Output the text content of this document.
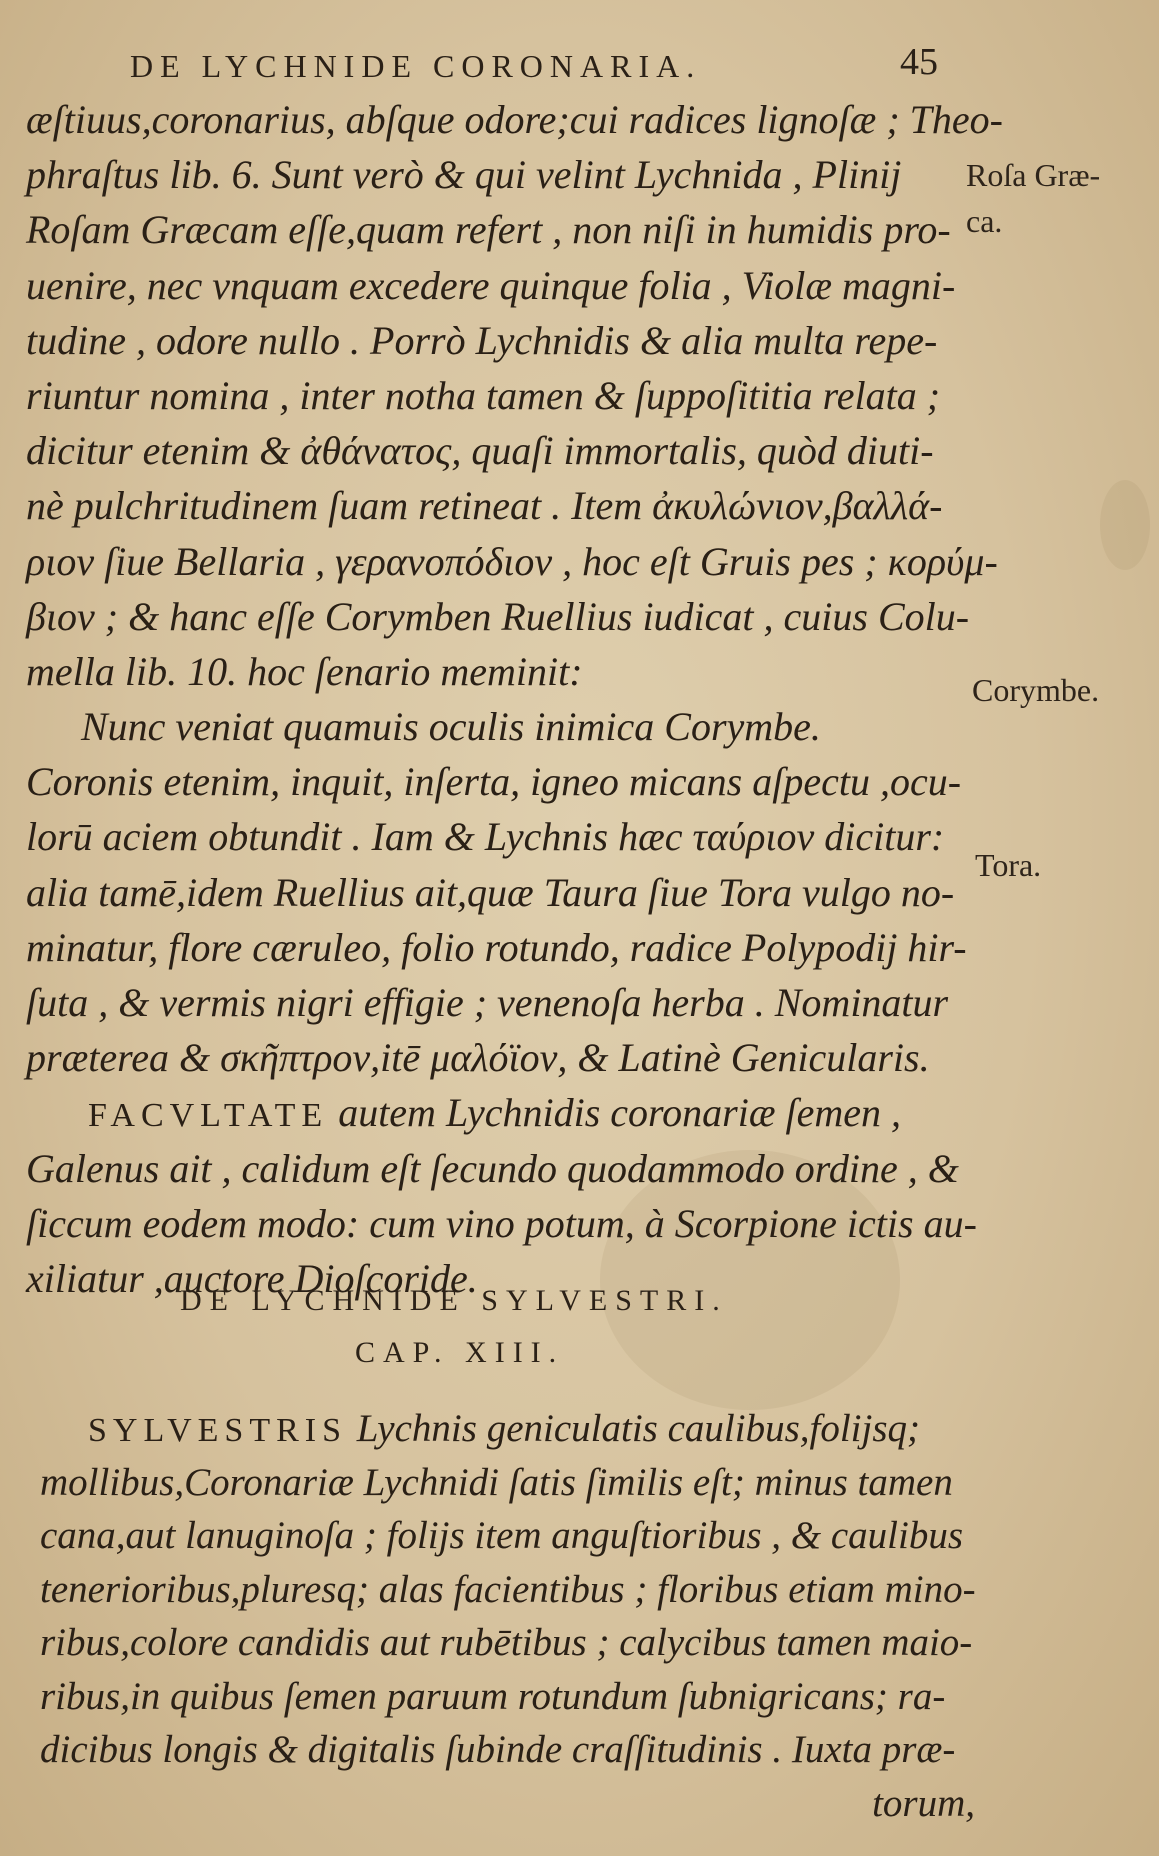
DE LYCHNIDE CORONARIA.	45
æſtiuus,coronarius, abſque odore;cui radices lignoſæ ; Theo-
phraſtus lib. 6. Sunt verò & qui velint Lychnida , Plinij
Roſam Græcam eſſe,quam refert , non niſi in humidis pro-
uenire, nec vnquam excedere quinque folia , Violæ magni-
tudine , odore nullo . Porrò Lychnidis & alia multa repe-
riuntur nomina , inter notha tamen & ſuppoſititia relata ;
dicitur etenim & ἀθάνατος, quaſi immortalis, quòd diuti-
nè pulchritudinem ſuam retineat . Item ἀκυλώνιον,βαλλά-
ριον ſiue Bellaria , γερανοπόδιον , hoc eſt Gruis pes ; κορύμ-
βιον ; & hanc eſſe Corymben Ruellius iudicat , cuius Colu-
mella lib. 10. hoc ſenario meminit:
Nunc veniat quamuis oculis inimica Corymbe.
Coronis etenim, inquit, inſerta, igneo micans aſpectu ,ocu-
lorū aciem obtundit . Iam & Lychnis hæc ταύριον dicitur:
alia tamē,idem Ruellius ait,quæ Taura ſiue Tora vulgo no-
minatur, flore cæruleo, folio rotundo, radice Polypodij hir-
ſuta , & vermis nigri effigie ; venenoſa herba . Nominatur
præterea & σκῆπτρον,itē μαλόϊον, & Latinè Genicularis.
FACVLTATE autem Lychnidis coronariæ ſemen ,
Galenus ait , calidum eſt ſecundo quodammodo ordine , &
ſiccum eodem modo: cum vino potum, à Scorpione ictis au-
xiliatur ,auctore Dioſcoride.
Roſa Græ-
ca.
Corymbe.
Tora.
DE LYCHNIDE SYLVESTRI.
CAP. XIII.
SYLVESTRIS Lychnis geniculatis caulibus,folijsq;
mollibus,Coronariæ Lychnidi ſatis ſimilis eſt; minus tamen
cana,aut lanuginoſa ; folijs item anguſtioribus , & caulibus
tenerioribus,pluresq; alas facientibus ; floribus etiam mino-
ribus,colore candidis aut rubētibus ; calycibus tamen maio-
ribus,in quibus ſemen paruum rotundum ſubnigricans; ra-
dicibus longis & digitalis ſubinde craſſitudinis . Iuxta præ-
torum,
